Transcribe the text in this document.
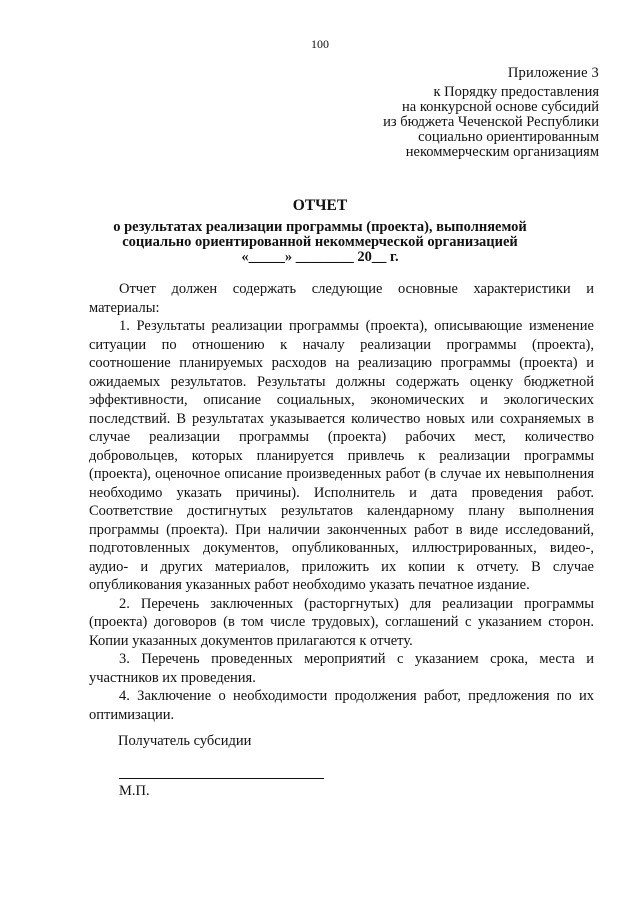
100
Приложение 3
к Порядку предоставления
на конкурсной основе субсидий
из бюджета Чеченской Республики
социально ориентированным
некоммерческим организациям
ОТЧЕТ
о результатах реализации программы (проекта), выполняемой
социально ориентированной некоммерческой организацией
«_____» ________ 20__ г.

Отчет должен содержать следующие основные характеристики и материалы:

1. Результаты реализации программы (проекта), описывающие изменение ситуации по отношению к началу реализации программы (проекта), соотношение планируемых расходов на реализацию программы (проекта) и ожидаемых результатов. Результаты должны содержать оценку бюджетной эффективности, описание социальных, экономических и экологических последствий. В результатах указывается количество новых или сохраняемых в случае реализации программы (проекта) рабочих мест, количество добровольцев, которых планируется привлечь к реализации программы (проекта), оценочное описание произведенных работ (в случае их невыполнения необходимо указать причины). Исполнитель и дата проведения работ. Соответствие достигнутых результатов календарному плану выполнения программы (проекта). При наличии законченных работ в виде исследований, подготовленных документов, опубликованных, иллюстрированных, видео-, аудио- и других материалов, приложить их копии к отчету. В случае опубликования указанных работ необходимо указать печатное издание.

2. Перечень заключенных (расторгнутых) для реализации программы (проекта) договоров (в том числе трудовых), соглашений с указанием сторон. Копии указанных документов прилагаются к отчету.

3. Перечень проведенных мероприятий с указанием срока, места и участников их проведения.

4. Заключение о необходимости продолжения работ, предложения по их оптимизации.

Получатель субсидии
М.П.
